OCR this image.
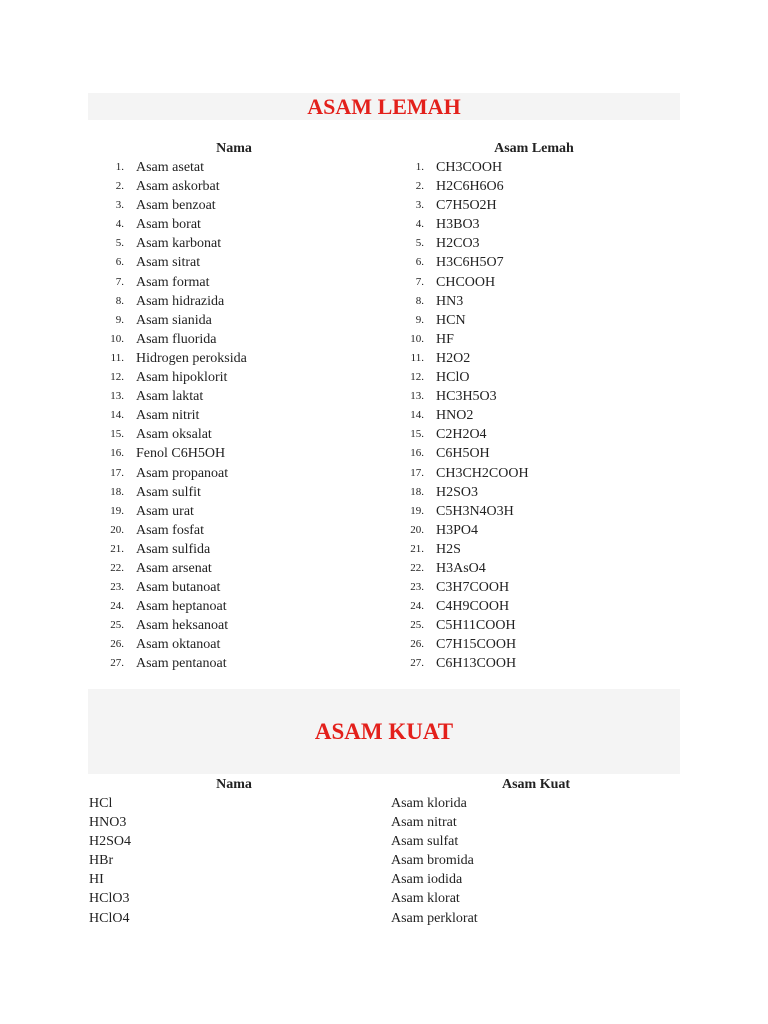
ASAM LEMAH
Nama
1. Asam asetat
2. Asam askorbat
3. Asam benzoat
4. Asam borat
5. Asam karbonat
6. Asam sitrat
7. Asam format
8. Asam hidrazida
9. Asam sianida
10. Asam fluorida
11. Hidrogen peroksida
12. Asam hipoklorit
13. Asam laktat
14. Asam nitrit
15. Asam oksalat
16. Fenol C6H5OH
17. Asam propanoat
18. Asam sulfit
19. Asam urat
20. Asam fosfat
21. Asam sulfida
22. Asam arsenat
23. Asam butanoat
24. Asam heptanoat
25. Asam heksanoat
26. Asam oktanoat
27. Asam pentanoat
Asam Lemah
1. CH3COOH
2. H2C6H6O6
3. C7H5O2H
4. H3BO3
5. H2CO3
6. H3C6H5O7
7. CHCOOH
8. HN3
9. HCN
10. HF
11. H2O2
12. HClO
13. HC3H5O3
14. HNO2
15. C2H2O4
16. C6H5OH
17. CH3CH2COOH
18. H2SO3
19. C5H3N4O3H
20. H3PO4
21. H2S
22. H3AsO4
23. C3H7COOH
24. C4H9COOH
25. C5H11COOH
26. C7H15COOH
27. C6H13COOH
ASAM KUAT
Nama
HCl
HNO3
H2SO4
HBr
HI
HClO3
HClO4
Asam Kuat
Asam klorida
Asam nitrat
Asam sulfat
Asam bromida
Asam iodida
Asam klorat
Asam perklorat
